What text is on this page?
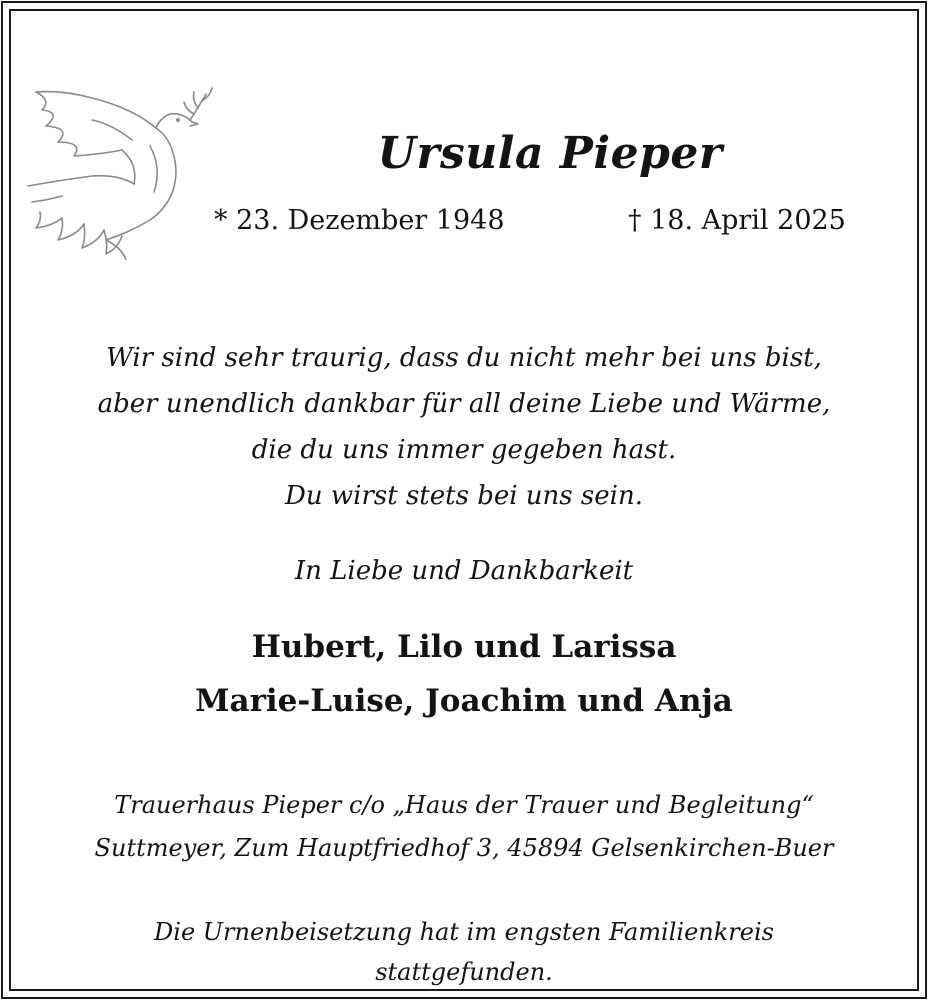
Ursula Pieper
* 23. Dezember 1948	† 18. April 2025
Wir sind sehr traurig, dass du nicht mehr bei uns bist,
aber unendlich dankbar für all deine Liebe und Wärme,
die du uns immer gegeben hast.
Du wirst stets bei uns sein.
In Liebe und Dankbarkeit
Hubert, Lilo und Larissa
Marie-Luise, Joachim und Anja
Trauerhaus Pieper c/o „Haus der Trauer und Begleitung“
Suttmeyer, Zum Hauptfriedhof 3, 45894 Gelsenkirchen-Buer
Die Urnenbeisetzung hat im engsten Familienkreis
stattgefunden.
